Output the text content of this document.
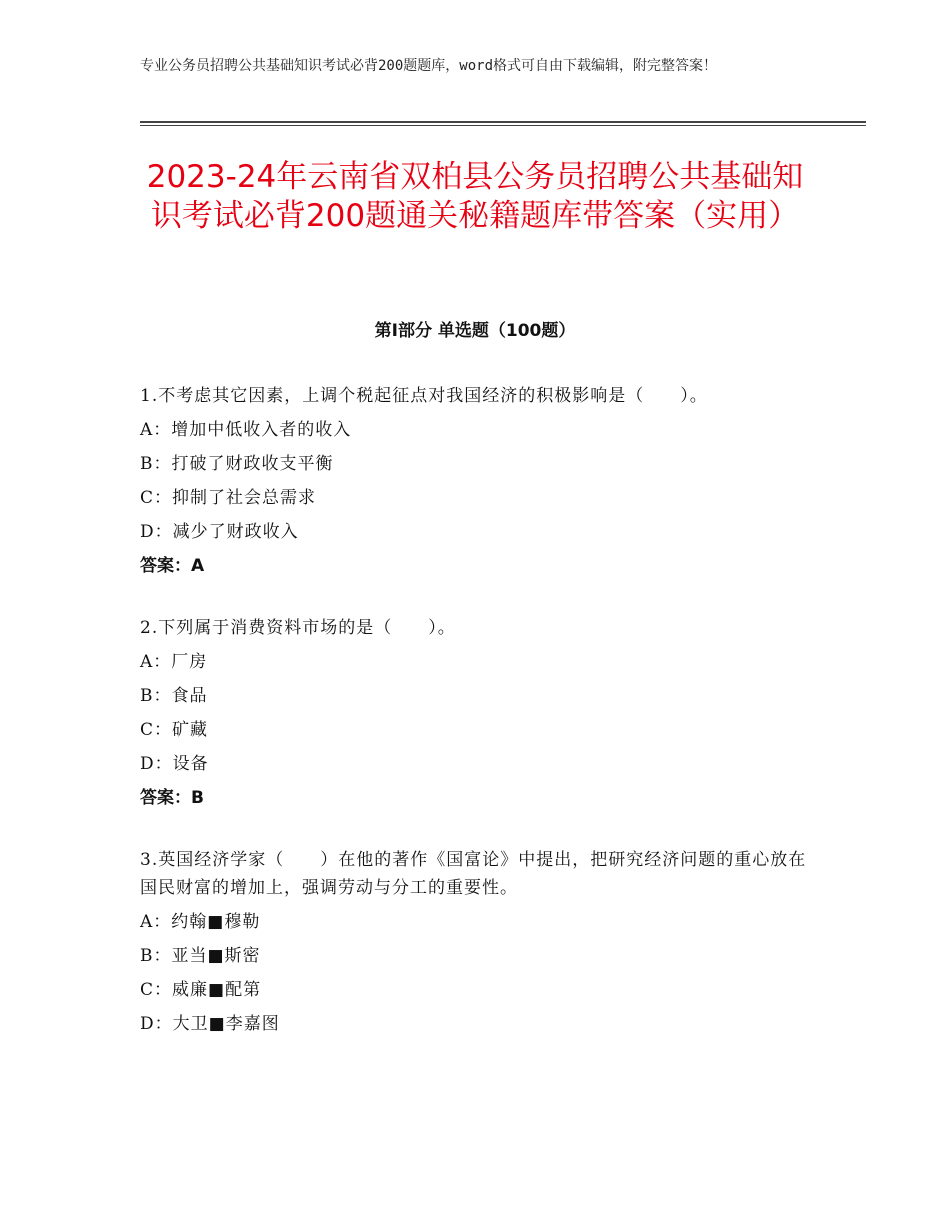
专业公务员招聘公共基础知识考试必背200题题库，word格式可自由下载编辑，附完整答案！
2023-24年云南省双柏县公务员招聘公共基础知识考试必背200题通关秘籍题库带答案（实用）
第Ⅰ部分 单选题（100题）

1.不考虑其它因素，上调个税起征点对我国经济的积极影响是（　　）。

A：增加中低收入者的收入

B：打破了财政收支平衡

C：抑制了社会总需求

D：减少了财政收入

答案：A

2.下列属于消费资料市场的是（　　）。

A：厂房

B：食品

C：矿藏

D：设备

答案：B

3.英国经济学家（　　）在他的著作《国富论》中提出，把研究经济问题的重心放在国民财富的增加上，强调劳动与分工的重要性。

A：约翰■穆勒

B：亚当■斯密

C：威廉■配第

D：大卫■李嘉图
